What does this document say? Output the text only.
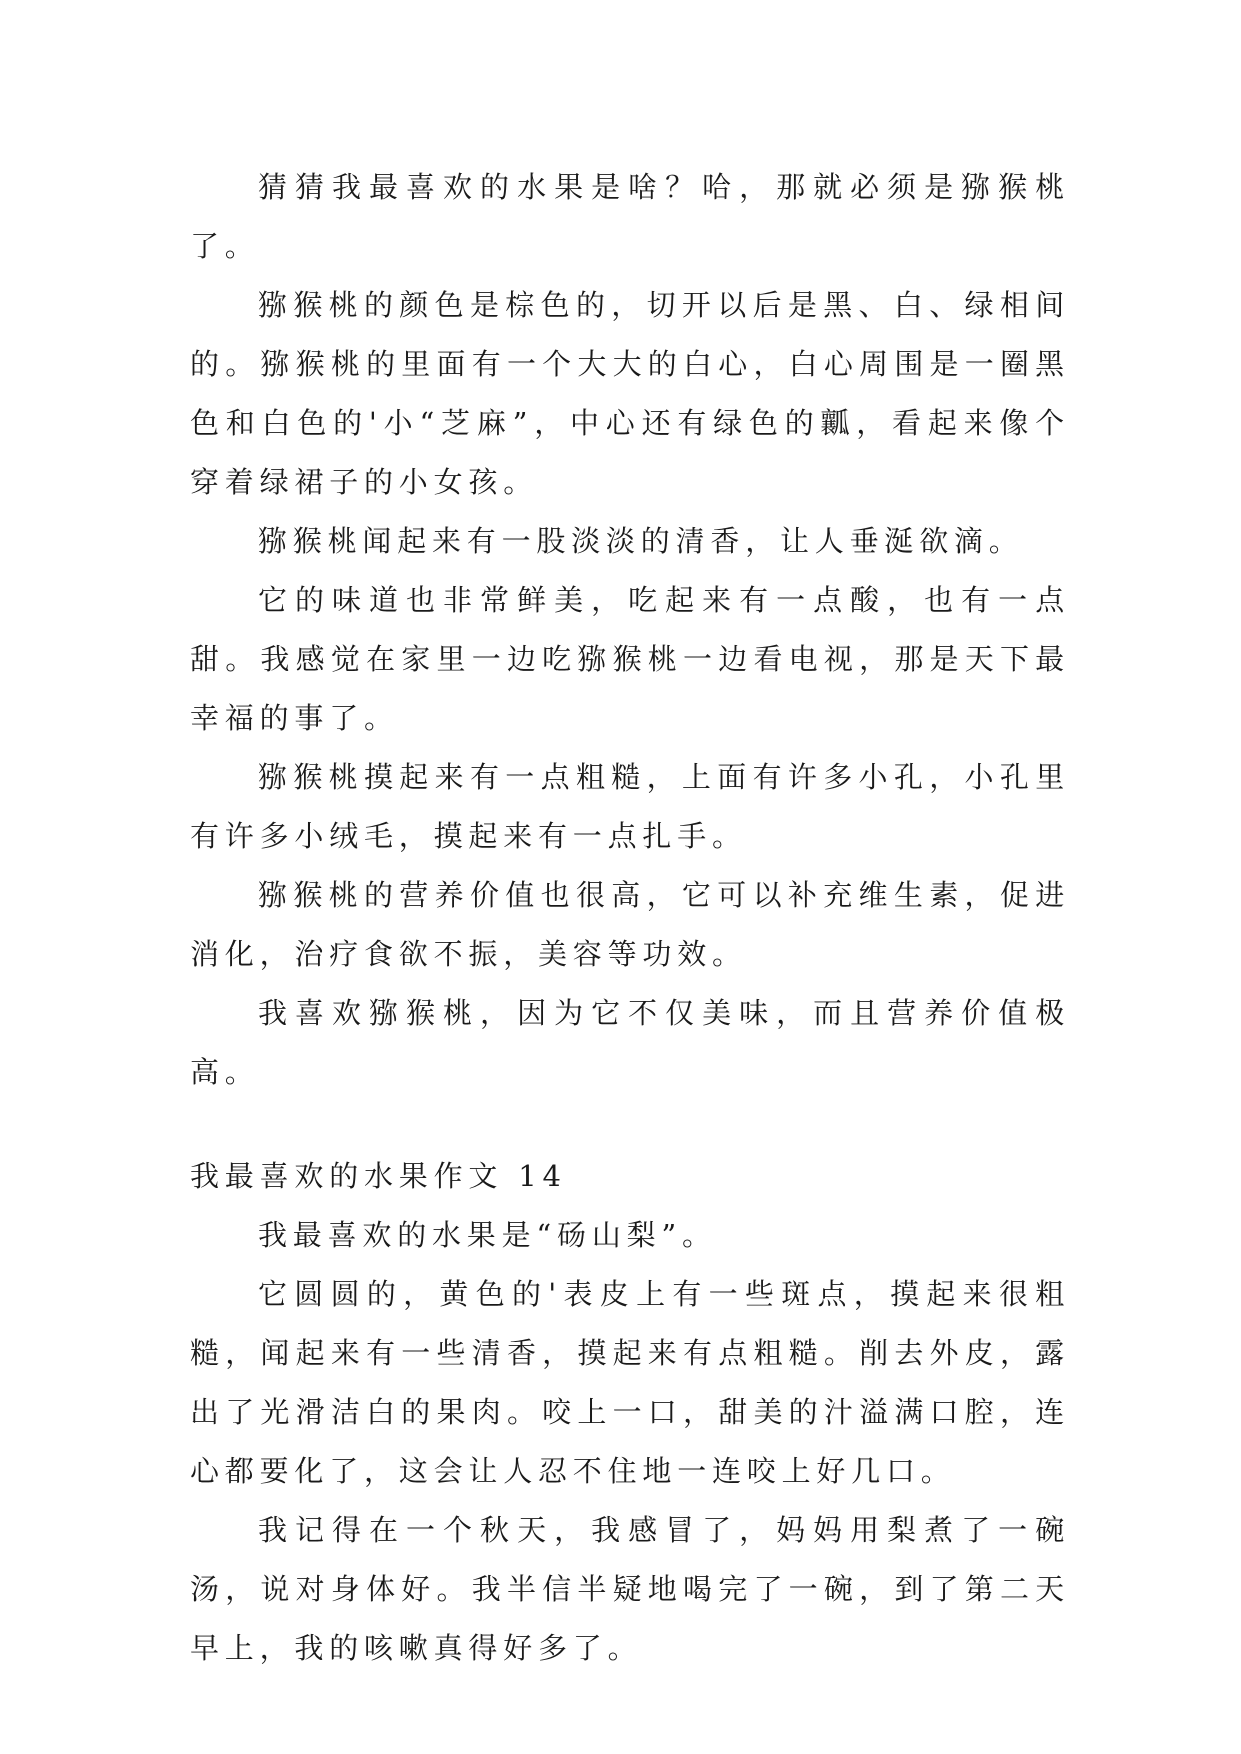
猜猜我最喜欢的水果是啥？哈，那就必须是猕猴桃了。

猕猴桃的颜色是棕色的，切开以后是黑、白、绿相间的。猕猴桃的里面有一个大大的白心，白心周围是一圈黑色和白色的'小“芝麻”，中心还有绿色的瓤，看起来像个穿着绿裙子的小女孩。

猕猴桃闻起来有一股淡淡的清香，让人垂涎欲滴。

它的味道也非常鲜美，吃起来有一点酸，也有一点甜。我感觉在家里一边吃猕猴桃一边看电视，那是天下最幸福的事了。

猕猴桃摸起来有一点粗糙，上面有许多小孔，小孔里有许多小绒毛，摸起来有一点扎手。

猕猴桃的营养价值也很高，它可以补充维生素，促进消化，治疗食欲不振，美容等功效。

我喜欢猕猴桃，因为它不仅美味，而且营养价值极高。

我最喜欢的水果作文 14

我最喜欢的水果是“砀山梨”。

它圆圆的，黄色的'表皮上有一些斑点，摸起来很粗糙，闻起来有一些清香，摸起来有点粗糙。削去外皮，露出了光滑洁白的果肉。咬上一口，甜美的汁溢满口腔，连心都要化了，这会让人忍不住地一连咬上好几口。

我记得在一个秋天，我感冒了，妈妈用梨煮了一碗汤，说对身体好。我半信半疑地喝完了一碗，到了第二天早上，我的咳嗽真得好多了。
